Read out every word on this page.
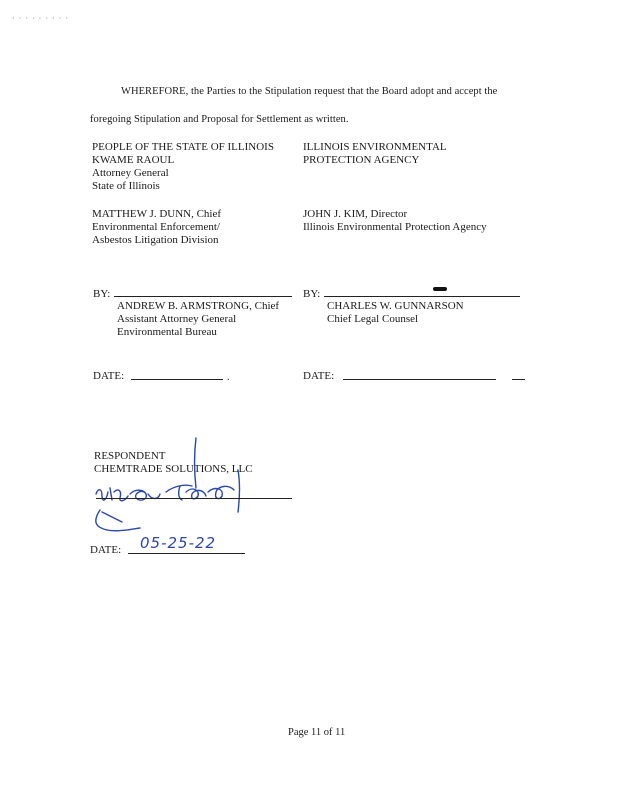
· · · · · · · · ·
WHEREFORE, the Parties to the Stipulation request that the Board adopt and accept the
foregoing Stipulation and Proposal for Settlement as written.
PEOPLE OF THE STATE OF ILLINOIS
KWAME RAOUL
Attorney General
State of Illinois
ILLINOIS ENVIRONMENTAL
PROTECTION AGENCY
MATTHEW J. DUNN, Chief
Environmental Enforcement/
Asbestos Litigation Division
JOHN J. KIM, Director
Illinois Environmental Protection Agency
BY:
ANDREW B. ARMSTRONG, Chief
Assistant Attorney General
Environmental Bureau
BY:
CHARLES W. GUNNARSON
Chief Legal Counsel
DATE:	.	DATE:
RESPONDENT
CHEMTRADE SOLUTIONS, LLC
DATE: 05-25-22
Page 11 of 11
